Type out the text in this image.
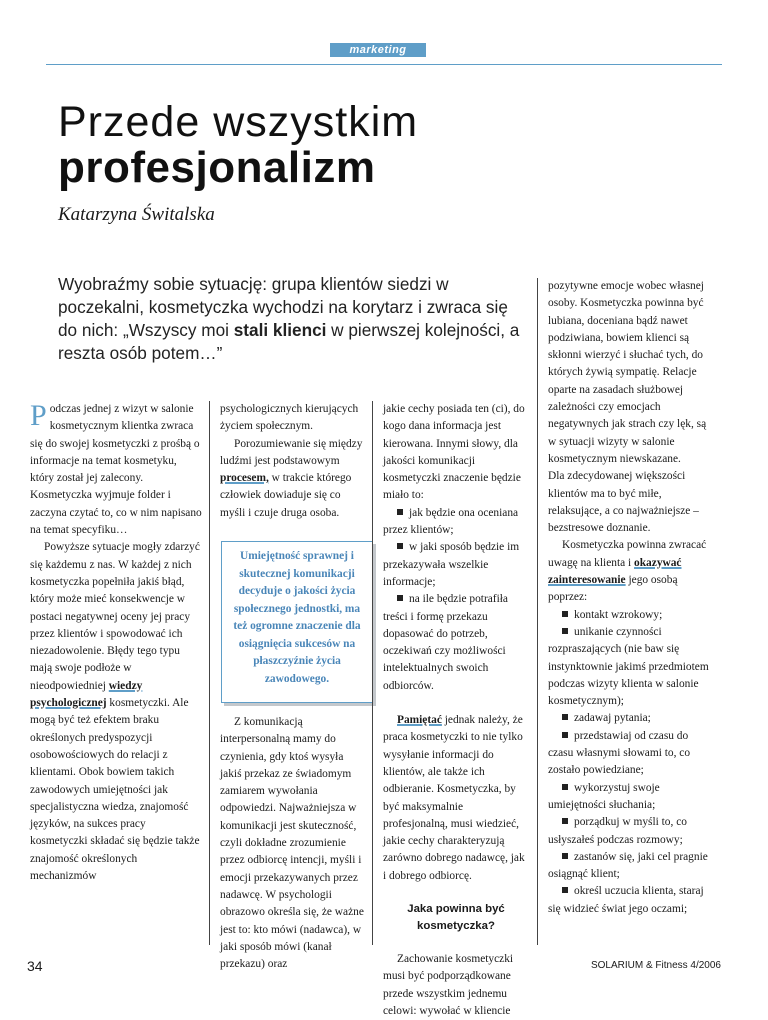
marketing
Przede wszystkim
profesjonalizm
Katarzyna Świtalska
Wyobraźmy sobie sytuację: grupa klientów siedzi w poczekalni, kosmetyczka wychodzi na korytarz i zwraca się do nich: „Wszyscy moi stali klienci w pierwszej kolejności, a reszta osób potem…”

Podczas jednej z wizyt w salonie kosmetycznym klientka zwraca się do swojej kosmetyczki z prośbą o informacje na temat kosmetyku, który został jej zalecony. Kosmetyczka wyjmuje folder i zaczyna czytać to, co w nim napisano na temat specyfiku…

Powyższe sytuacje mogły zdarzyć się każdemu z nas. W każdej z nich kosmetyczka popełniła jakiś błąd, który może mieć konsekwencje w postaci negatywnej oceny jej pracy przez klientów i spowodować ich niezadowolenie. Błędy tego typu mają swoje podłoże w nieodpowiedniej wiedzy psychologicznej kosmetyczki. Ale mogą być też efektem braku określonych predyspozycji osobowościowych do relacji z klientami. Obok bowiem takich zawodowych umiejętności jak specjalistyczna wiedza, znajomość języków, na sukces pracy kosmetyczki składać się będzie także znajomość określonych mechanizmów

psychologicznych kierujących życiem społecznym.

Porozumiewanie się między ludźmi jest podstawowym procesem, w trakcie którego człowiek dowiaduje się co myśli i czuje druga osoba.

Umiejętność sprawnej i skutecznej komunikacji decyduje o jakości życia społecznego jednostki, ma też ogromne znaczenie dla osiągnięcia sukcesów na płaszczyźnie życia zawodowego.

Z komunikacją interpersonalną mamy do czynienia, gdy ktoś wysyła jakiś przekaz ze świadomym zamiarem wywołania odpowiedzi. Najważniejsza w komunikacji jest skuteczność, czyli dokładne zrozumienie przez odbiorcę intencji, myśli i emocji przekazywanych przez nadawcę. W psychologii obrazowo określa się, że ważne jest to: kto mówi (nadawca), w jaki sposób mówi (kanał przekazu) oraz

jakie cechy posiada ten (ci), do kogo dana informacja jest kierowana. Innymi słowy, dla jakości komunikacji kosmetyczki znaczenie będzie miało to:

jak będzie ona oceniana przez klientów;

w jaki sposób będzie im przekazywała wszelkie informacje;

na ile będzie potrafiła treści i formę przekazu dopasować do potrzeb, oczekiwań czy możliwości intelektualnych swoich odbiorców.

Pamiętać jednak należy, że praca kosmetyczki to nie tylko wysyłanie informacji do klientów, ale także ich odbieranie. Kosmetyczka, by być maksymalnie profesjonalną, musi wiedzieć, jakie cechy charakteryzują zarówno dobrego nadawcę, jak i dobrego odbiorcę.

Jaka powinna być kosmetyczka?

Zachowanie kosmetyczki musi być podporządkowane przede wszystkim jednemu celowi: wywołać w kliencie

pozytywne emocje wobec własnej osoby. Kosmetyczka powinna być lubiana, doceniana bądź nawet podziwiana, bowiem klienci są skłonni wierzyć i słuchać tych, do których żywią sympatię. Relacje oparte na zasadach służbowej zależności czy emocjach negatywnych jak strach czy lęk, są w sytuacji wizyty w salonie kosmetycznym niewskazane.

Dla zdecydowanej większości klientów ma to być miłe, relaksujące, a co najważniejsze – bezstresowe doznanie.

Kosmetyczka powinna zwracać uwagę na klienta i okazywać zainteresowanie jego osobą poprzez:

kontakt wzrokowy;

unikanie czynności rozpraszających (nie baw się instynktownie jakimś przedmiotem podczas wizyty klienta w salonie kosmetycznym);

zadawaj pytania;

przedstawiaj od czasu do czasu własnymi słowami to, co zostało powiedziane;

wykorzystuj swoje umiejętności słuchania;

porządkuj w myśli to, co usłyszałeś podczas rozmowy;

zastanów się, jaki cel pragnie osiągnąć klient;

określ uczucia klienta, staraj się widzieć świat jego oczami;

34	SOLARIUM & Fitness 4/2006
